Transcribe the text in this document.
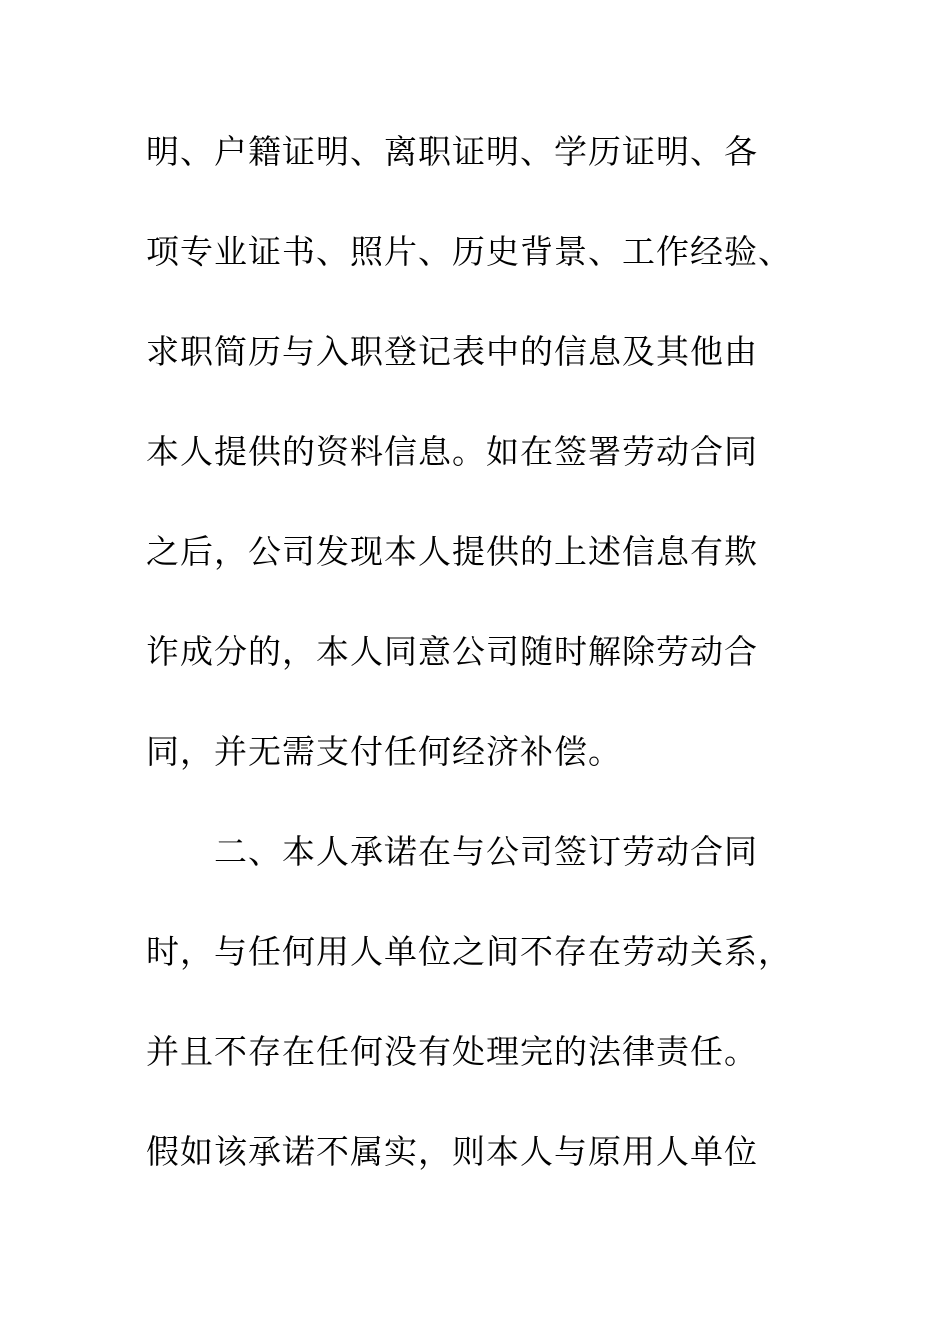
明、户籍证明、离职证明、学历证明、各
项专业证书、照片、历史背景、工作经验、
求职简历与入职登记表中的信息及其他由
本人提供的资料信息。如在签署劳动合同
之后，公司发现本人提供的上述信息有欺
诈成分的，本人同意公司随时解除劳动合
同，并无需支付任何经济补偿。
二、本人承诺在与公司签订劳动合同
时，与任何用人单位之间不存在劳动关系，
并且不存在任何没有处理完的法律责任。
假如该承诺不属实，则本人与原用人单位
